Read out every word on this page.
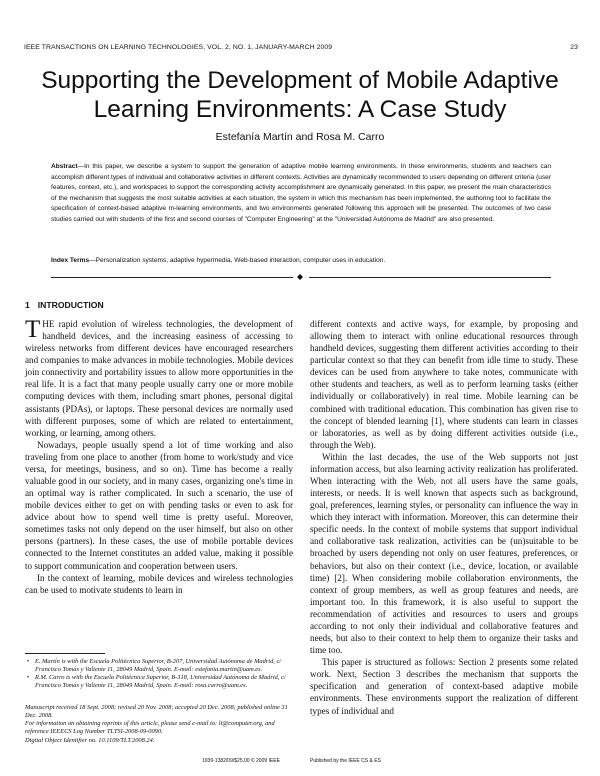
IEEE TRANSACTIONS ON LEARNING TECHNOLOGIES, VOL. 2, NO. 1, JANUARY-MARCH 2009	23
Supporting the Development of Mobile Adaptive
Learning Environments: A Case Study
Estefanía Martín and Rosa M. Carro
Abstract—In this paper, we describe a system to support the generation of adaptive mobile learning environments. In these environments, students and teachers can accomplish different types of individual and collaborative activities in different contexts. Activities are dynamically recommended to users depending on different criteria (user features, context, etc.), and workspaces to support the corresponding activity accomplishment are dynamically generated. In this paper, we present the main characteristics of the mechanism that suggests the most suitable activities at each situation, the system in which this mechanism has been implemented, the authoring tool to facilitate the specification of context-based adaptive m-learning environments, and two environments generated following this approach will be presented. The outcomes of two case studies carried out with students of the first and second courses of "Computer Engineering" at the "Universidad Autónoma de Madrid" are also presented.
Index Terms—Personalization systems, adaptive hypermedia, Web-based interaction, computer uses in education.
1 INTRODUCTION

THE rapid evolution of wireless technologies, the development of handheld devices, and the increasing easiness of accessing to wireless networks from different devices have encouraged researchers and companies to make advances in mobile technologies. Mobile devices join connectivity and portability issues to allow more opportunities in the real life. It is a fact that many people usually carry one or more mobile computing devices with them, including smart phones, personal digital assistants (PDAs), or laptops. These personal devices are normally used with different purposes, some of which are related to entertainment, working, or learning, among others.

Nowadays, people usually spend a lot of time working and also traveling from one place to another (from home to work/study and vice versa, for meetings, business, and so on). Time has become a really valuable good in our society, and in many cases, organizing one's time in an optimal way is rather complicated. In such a scenario, the use of mobile devices either to get on with pending tasks or even to ask for advice about how to spend well time is pretty useful. Moreover, sometimes tasks not only depend on the user himself, but also on other persons (partners). In these cases, the use of mobile portable devices connected to the Internet constitutes an added value, making it possible to support communication and cooperation between users.

In the context of learning, mobile devices and wireless technologies can be used to motivate students to learn in

• E. Martín is with the Escuela Politécnica Superior, B-207, Universidad Autónoma de Madrid, c/ Francisco Tomás y Valiente 11, 28049 Madrid, Spain. E-mail: estefania.martin@uam.es.
• R.M. Carro is with the Escuela Politécnica Superior, B-318, Universidad Autónoma de Madrid, c/ Francisco Tomás y Valiente 11, 28049 Madrid, Spain. E-mail: rosa.carro@uam.es.
Manuscript received 18 Sept. 2008; revised 20 Nov. 2008; accepted 20 Dec. 2008; published online 31 Dec. 2008.
For information on obtaining reprints of this article, please send e-mail to: lt@computer.org, and reference IEEECS Log Number TLTSI-2008-09-0090.
Digital Object Identifier no. 10.1109/TLT.2008.24.

different contexts and active ways, for example, by proposing and allowing them to interact with online educational resources through handheld devices, suggesting them different activities according to their particular context so that they can benefit from idle time to study. These devices can be used from anywhere to take notes, communicate with other students and teachers, as well as to perform learning tasks (either individually or collaboratively) in real time. Mobile learning can be combined with traditional education. This combination has given rise to the concept of blended learning [1], where students can learn in classes or laboratories, as well as by doing different activities outside (i.e., through the Web).

Within the last decades, the use of the Web supports not just information access, but also learning activity realization has proliferated. When interacting with the Web, not all users have the same goals, interests, or needs. It is well known that aspects such as background, goal, preferences, learning styles, or personality can influence the way in which they interact with information. Moreover, this can determine their specific needs. In the context of mobile systems that support individual and collaborative task realization, activities can be (un)suitable to be broached by users depending not only on user features, preferences, or behaviors, but also on their context (i.e., device, location, or available time) [2]. When considering mobile collaboration environments, the context of group members, as well as group features and needs, are important too. In this framework, it is also useful to support the recommendation of activities and resources to users and groups according to not only their individual and collaborative features and needs, but also to their context to help them to organize their tasks and time too.

This paper is structured as follows: Section 2 presents some related work. Next, Section 3 describes the mechanism that supports the specification and generation of context-based adaptive mobile environments. These environments support the realization of different types of individual and

1939-1382/09/$25.00 © 2009 IEEE	Published by the IEEE CS & ES
